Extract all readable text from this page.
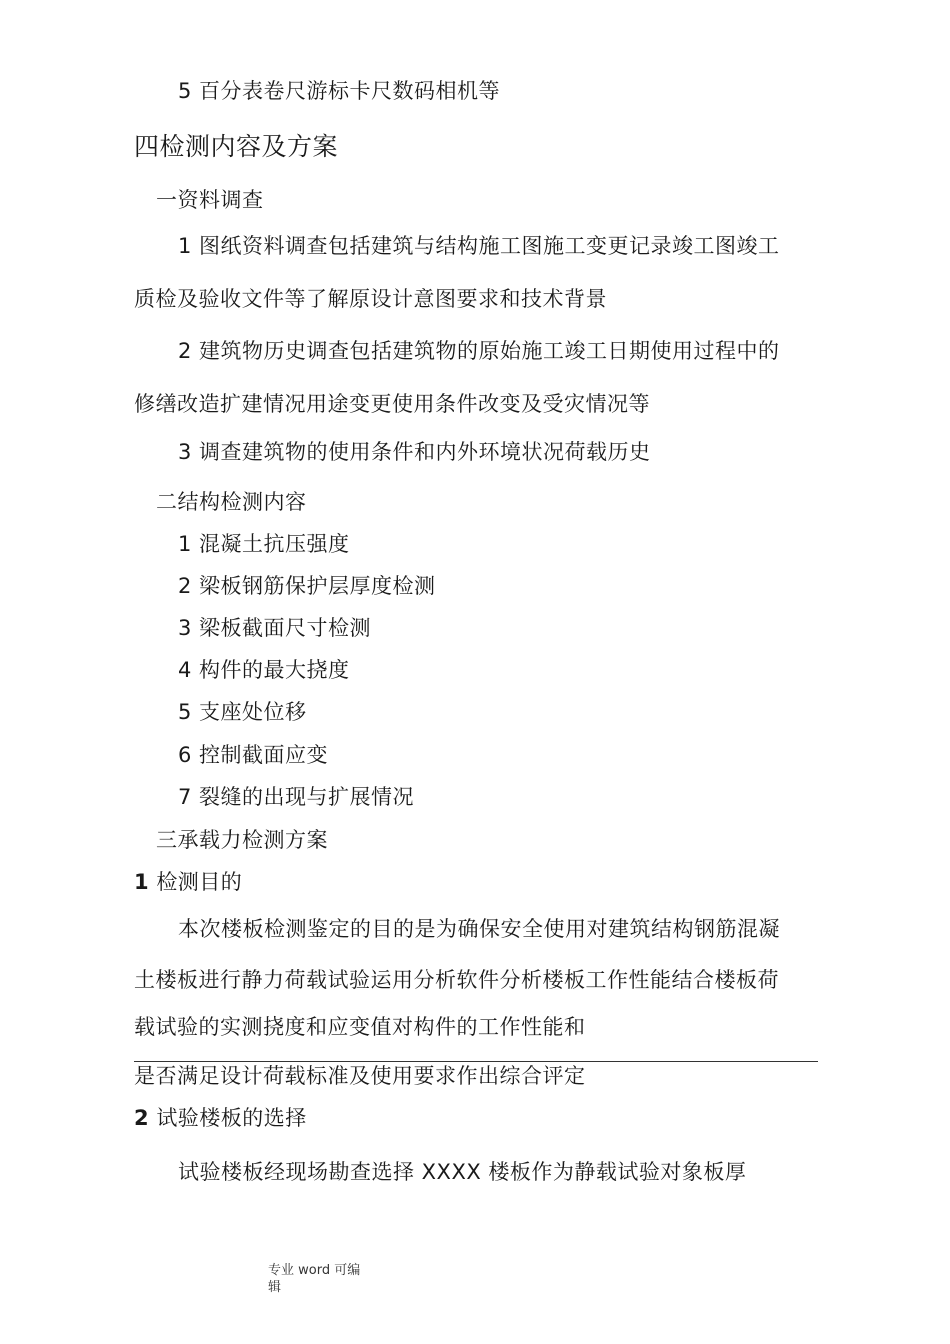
5 百分表卷尺游标卡尺数码相机等
四检测内容及方案
一资料调查
1 图纸资料调查包括建筑与结构施工图施工变更记录竣工图竣工
质检及验收文件等了解原设计意图要求和技术背景
2 建筑物历史调查包括建筑物的原始施工竣工日期使用过程中的
修缮改造扩建情况用途变更使用条件改变及受灾情况等
3 调查建筑物的使用条件和内外环境状况荷载历史
二结构检测内容
1 混凝土抗压强度
2 梁板钢筋保护层厚度检测
3 梁板截面尺寸检测
4 构件的最大挠度
5 支座处位移
6 控制截面应变
7 裂缝的出现与扩展情况
三承载力检测方案
1 检测目的
本次楼板检测鉴定的目的是为确保安全使用对建筑结构钢筋混凝
土楼板进行静力荷载试验运用分析软件分析楼板工作性能结合楼板荷
载试验的实测挠度和应变值对构件的工作性能和
是否满足设计荷载标准及使用要求作出综合评定
2 试验楼板的选择
试验楼板经现场勘查选择 XXXX 楼板作为静载试验对象板厚
专业 word 可编
辑
